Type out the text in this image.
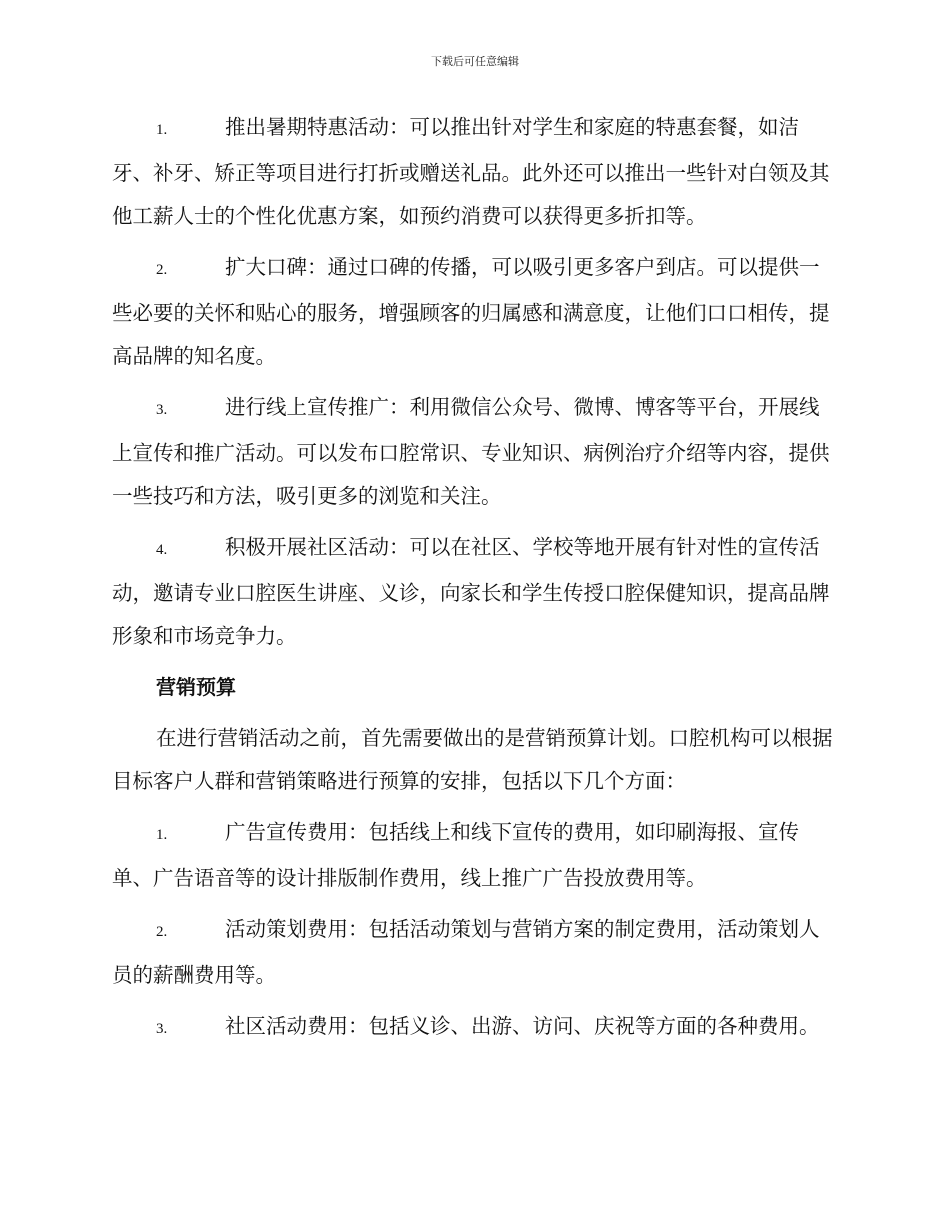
下载后可任意编辑

1.	推出暑期特惠活动：可以推出针对学生和家庭的特惠套餐，如洁牙、补牙、矫正等项目进行打折或赠送礼品。此外还可以推出一些针对白领及其他工薪人士的个性化优惠方案，如预约消费可以获得更多折扣等。

2.	扩大口碑：通过口碑的传播，可以吸引更多客户到店。可以提供一些必要的关怀和贴心的服务，增强顾客的归属感和满意度，让他们口口相传，提高品牌的知名度。

3.	进行线上宣传推广：利用微信公众号、微博、博客等平台，开展线上宣传和推广活动。可以发布口腔常识、专业知识、病例治疗介绍等内容，提供一些技巧和方法，吸引更多的浏览和关注。

4.	积极开展社区活动：可以在社区、学校等地开展有针对性的宣传活动，邀请专业口腔医生讲座、义诊，向家长和学生传授口腔保健知识，提高品牌形象和市场竞争力。

营销预算

在进行营销活动之前，首先需要做出的是营销预算计划。口腔机构可以根据目标客户人群和营销策略进行预算的安排，包括以下几个方面：

1.	广告宣传费用：包括线上和线下宣传的费用，如印刷海报、宣传单、广告语音等的设计排版制作费用，线上推广广告投放费用等。

2.	活动策划费用：包括活动策划与营销方案的制定费用，活动策划人员的薪酬费用等。

3.	社区活动费用：包括义诊、出游、访问、庆祝等方面的各种费用。
